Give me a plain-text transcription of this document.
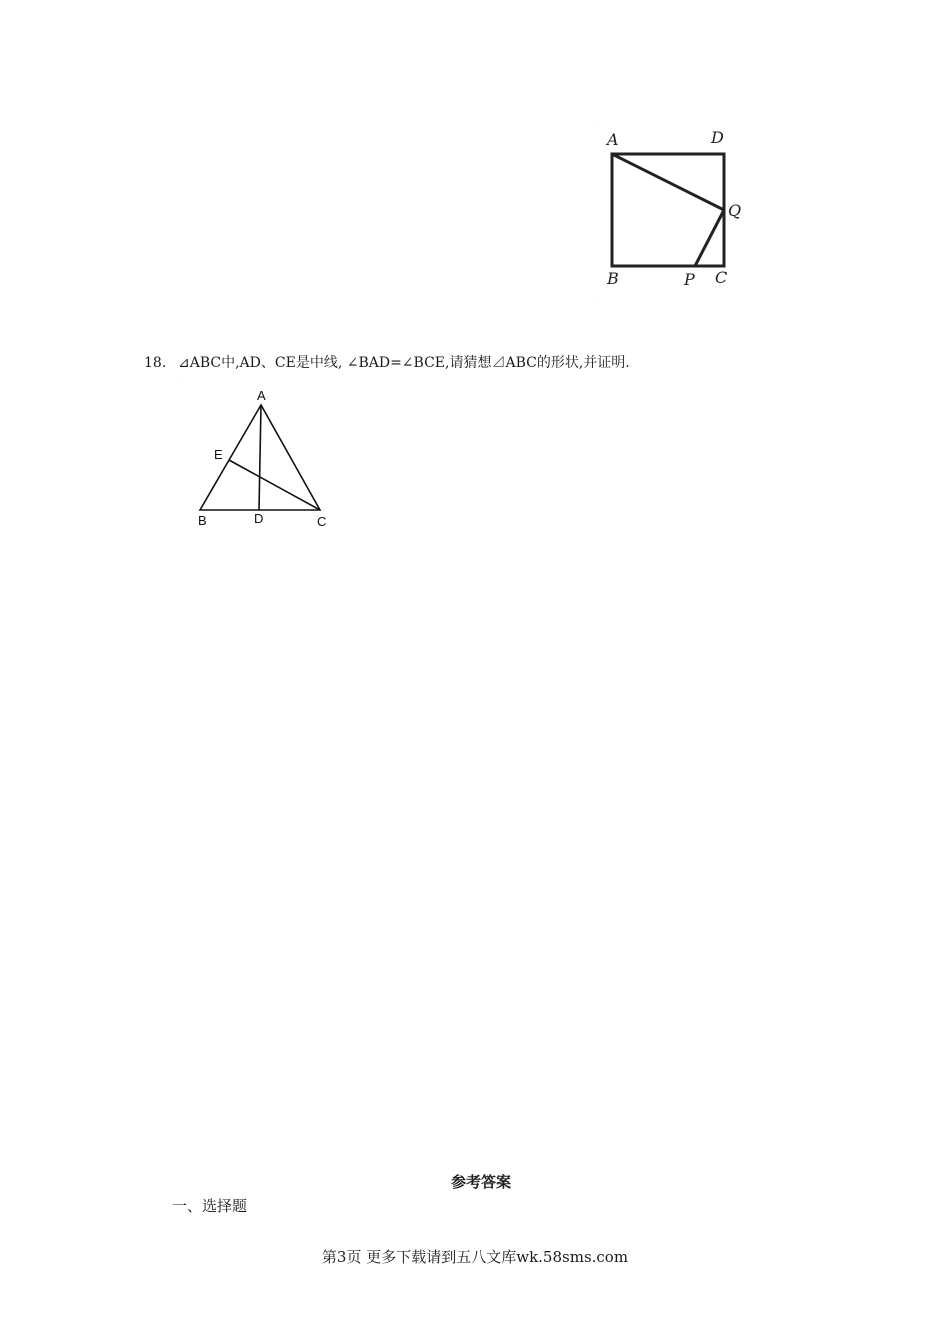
A	D
Q
B	P C
18. ⊿ABC中,AD、CE是中线, ∠BAD=∠BCE,请猜想⊿ABC的形状,并证明.
A
E
B	D	C
参考答案
一、选择题
第3页 更多下载请到五八文库wk.58sms.com
